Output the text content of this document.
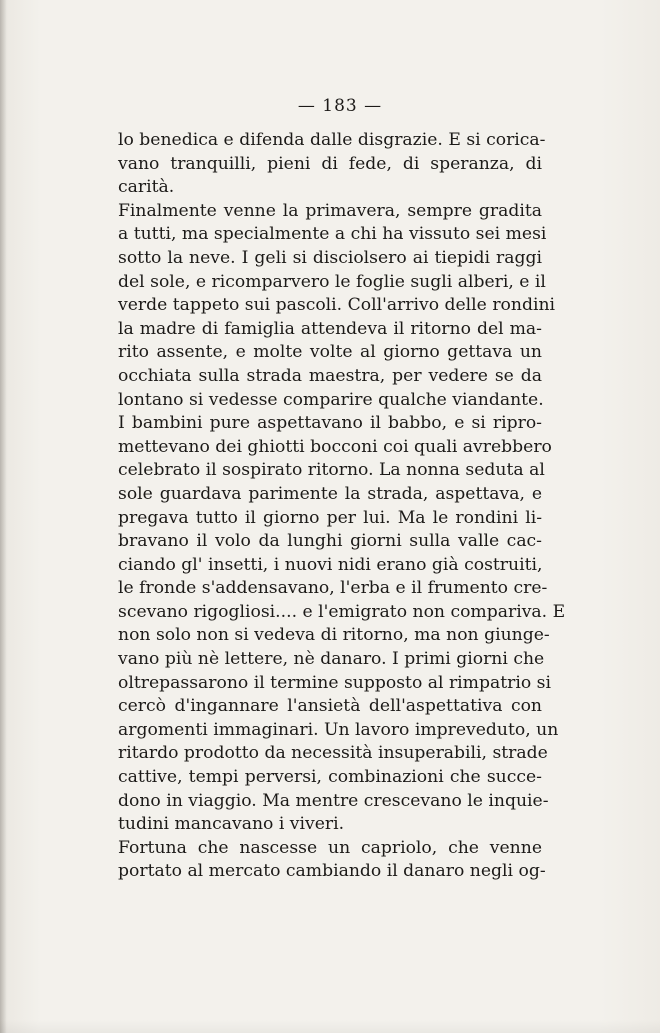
— 183 —
lo benedica e difenda dalle disgrazie. E si corica-
vano tranquilli, pieni di fede, di speranza, di
carità.
Finalmente venne la primavera, sempre gradita
a tutti, ma specialmente a chi ha vissuto sei mesi
sotto la neve. I geli si disciolsero ai tiepidi raggi
del sole, e ricomparvero le foglie sugli alberi, e il
verde tappeto sui pascoli. Coll'arrivo delle rondini
la madre di famiglia attendeva il ritorno del ma-
rito assente, e molte volte al giorno gettava un
occhiata sulla strada maestra, per vedere se da
lontano si vedesse comparire qualche viandante.
I bambini pure aspettavano il babbo, e si ripro-
mettevano dei ghiotti bocconi coi quali avrebbero
celebrato il sospirato ritorno. La nonna seduta al
sole guardava parimente la strada, aspettava, e
pregava tutto il giorno per lui. Ma le rondini li-
bravano il volo da lunghi giorni sulla valle cac-
ciando gl' insetti, i nuovi nidi erano già costruiti,
le fronde s'addensavano, l'erba e il frumento cre-
scevano rigogliosi.... e l'emigrato non compariva. E
non solo non si vedeva di ritorno, ma non giunge-
vano più nè lettere, nè danaro. I primi giorni che
oltrepassarono il termine supposto al rimpatrio si
cercò d'ingannare l'ansietà dell'aspettativa con
argomenti immaginari. Un lavoro impreveduto, un
ritardo prodotto da necessità insuperabili, strade
cattive, tempi perversi, combinazioni che succe-
dono in viaggio. Ma mentre crescevano le inquie-
tudini mancavano i viveri.
Fortuna che nascesse un capriolo, che venne
portato al mercato cambiando il danaro negli og-
